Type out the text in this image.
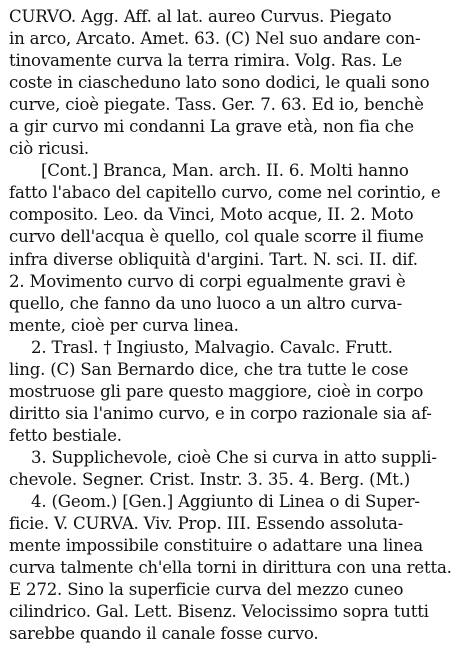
CURVO. Agg. Aff. al lat. aureo Curvus. Piegato
in arco, Arcato. Amet. 63. (C) Nel suo andare con-
tinovamente curva la terra rimira. Volg. Ras. Le
coste in ciascheduno lato sono dodici, le quali sono
curve, cioè piegate. Tass. Ger. 7. 63. Ed io, benchè
a gir curvo mi condanni La grave età, non fia che
ciò ricusi.
[Cont.] Branca, Man. arch. II. 6. Molti hanno
fatto l'abaco del capitello curvo, come nel corintio, e
composito. Leo. da Vinci, Moto acque, II. 2. Moto
curvo dell'acqua è quello, col quale scorre il fiume
infra diverse obliquità d'argini. Tart. N. sci. II. dif.
2. Movimento curvo di corpi egualmente gravi è
quello, che fanno da uno luoco a un altro curva-
mente, cioè per curva linea.
2. Trasl. † Ingiusto, Malvagio. Cavalc. Frutt.
ling. (C) San Bernardo dice, che tra tutte le cose
mostruose gli pare questo maggiore, cioè in corpo
diritto sia l'animo curvo, e in corpo razionale sia af-
fetto bestiale.
3. Supplichevole, cioè Che si curva in atto suppli-
chevole. Segner. Crist. Instr. 3. 35. 4. Berg. (Mt.)
4. (Geom.) [Gen.] Aggiunto di Linea o di Super-
ficie. V. CURVA. Viv. Prop. III. Essendo assoluta-
mente impossibile constituire o adattare una linea
curva talmente ch'ella torni in dirittura con una retta.
E 272. Sino la superficie curva del mezzo cuneo
cilindrico. Gal. Lett. Bisenz. Velocissimo sopra tutti
sarebbe quando il canale fosse curvo.
